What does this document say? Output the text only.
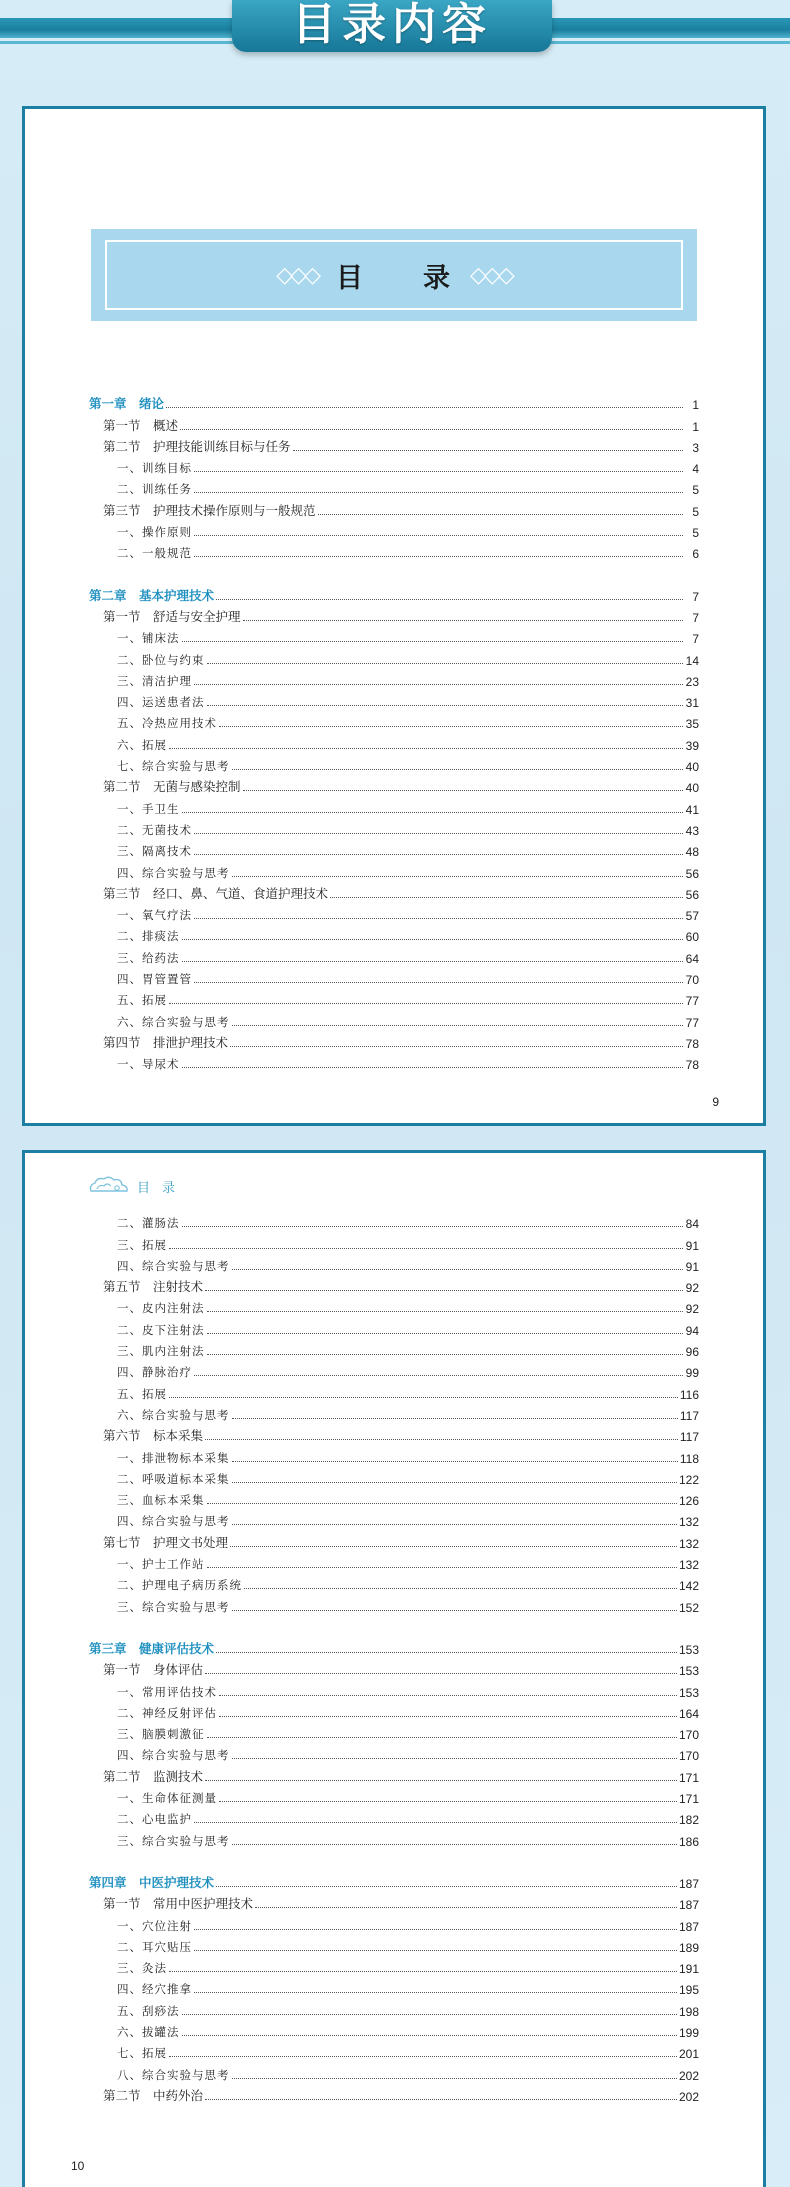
目录内容
◇◇◇ 目　　录 ◇◇◇
第一章　绪论	1
第一节　概述	1
第二节　护理技能训练目标与任务	3
一、训练目标	4
二、训练任务	5
第三节　护理技术操作原则与一般规范	5
一、操作原则	5
二、一般规范	6
第二章　基本护理技术	7
第一节　舒适与安全护理	7
一、铺床法	7
二、卧位与约束	14
三、清洁护理	23
四、运送患者法	31
五、冷热应用技术	35
六、拓展	39
七、综合实验与思考	40
第二节　无菌与感染控制	40
一、手卫生	41
二、无菌技术	43
三、隔离技术	48
四、综合实验与思考	56
第三节　经口、鼻、气道、食道护理技术	56
一、氧气疗法	57
二、排痰法	60
三、给药法	64
四、胃管置管	70
五、拓展	77
六、综合实验与思考	77
第四节　排泄护理技术	78
一、导尿术	78
9
目录
二、灌肠法	84
三、拓展	91
四、综合实验与思考	91
第五节　注射技术	92
一、皮内注射法	92
二、皮下注射法	94
三、肌内注射法	96
四、静脉治疗	99
五、拓展	116
六、综合实验与思考	117
第六节　标本采集	117
一、排泄物标本采集	118
二、呼吸道标本采集	122
三、血标本采集	126
四、综合实验与思考	132
第七节　护理文书处理	132
一、护士工作站	132
二、护理电子病历系统	142
三、综合实验与思考	152
第三章　健康评估技术	153
第一节　身体评估	153
一、常用评估技术	153
二、神经反射评估	164
三、脑膜刺激征	170
四、综合实验与思考	170
第二节　监测技术	171
一、生命体征测量	171
二、心电监护	182
三、综合实验与思考	186
第四章　中医护理技术	187
第一节　常用中医护理技术	187
一、穴位注射	187
二、耳穴贴压	189
三、灸法	191
四、经穴推拿	195
五、刮痧法	198
六、拔罐法	199
七、拓展	201
八、综合实验与思考	202
第二节　中药外治	202
10
